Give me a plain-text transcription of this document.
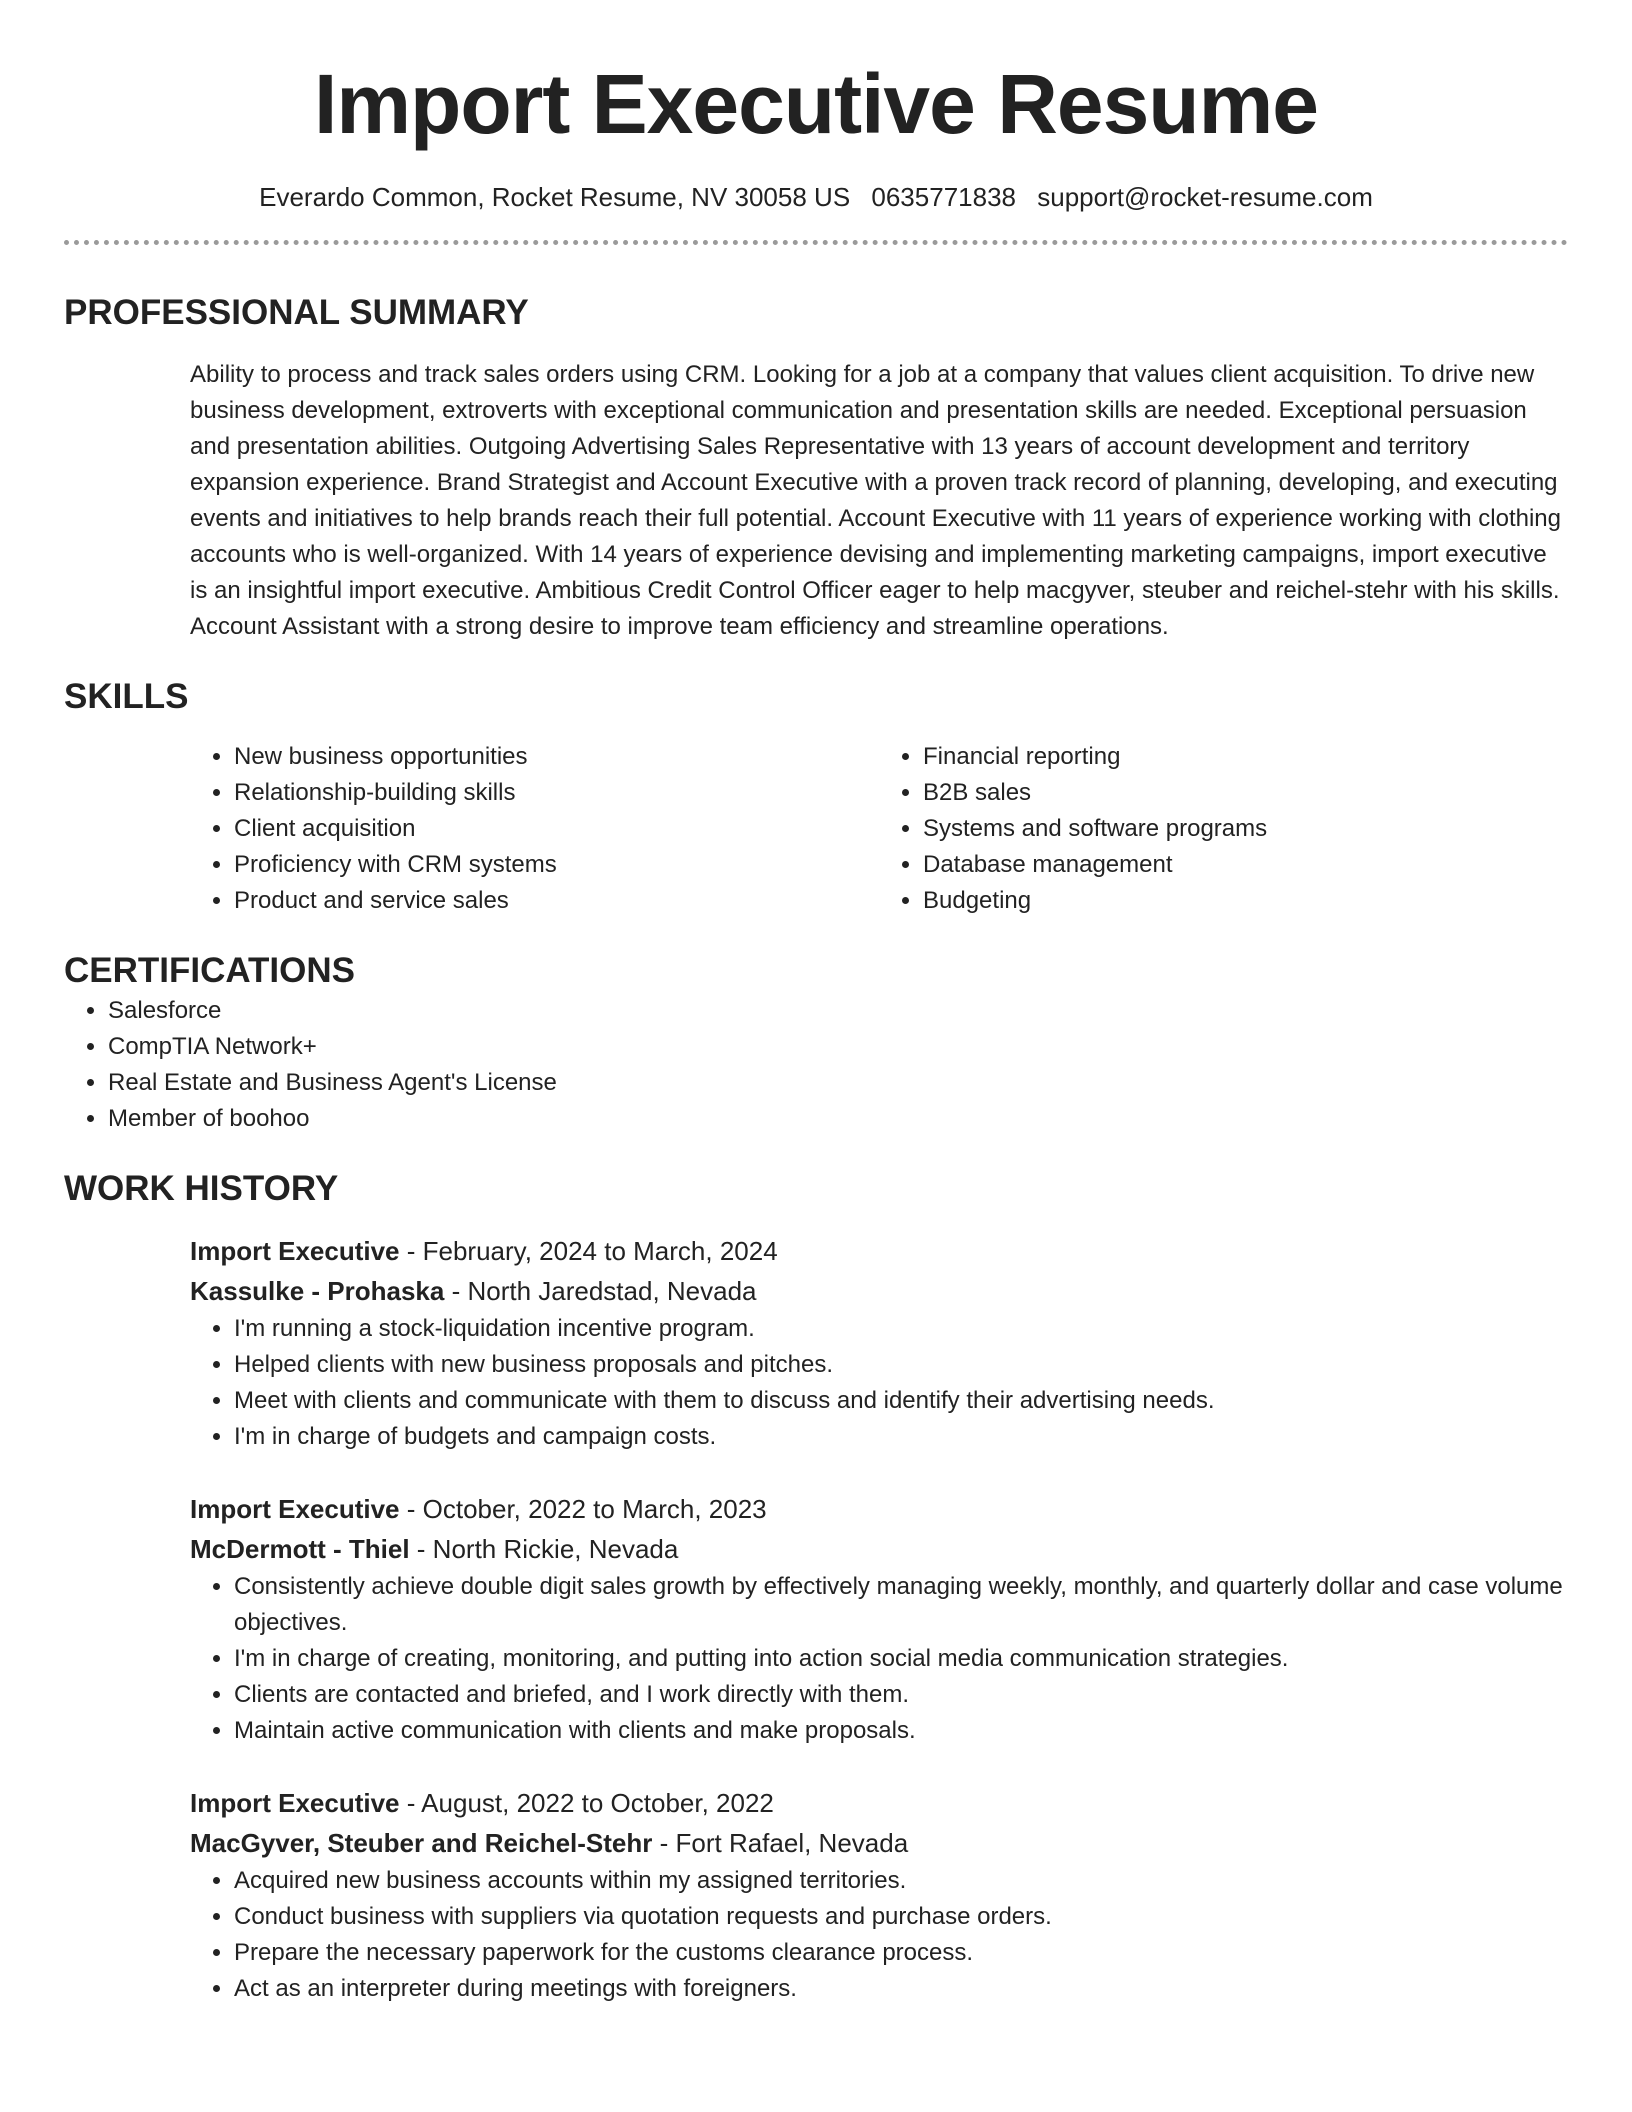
Import Executive Resume
Everardo Common, Rocket Resume, NV 30058 US 0635771838 support@rocket-resume.com
PROFESSIONAL SUMMARY

Ability to process and track sales orders using CRM. Looking for a job at a company that values client acquisition. To drive new business development, extroverts with exceptional communication and presentation skills are needed. Exceptional persuasion and presentation abilities. Outgoing Advertising Sales Representative with 13 years of account development and territory expansion experience. Brand Strategist and Account Executive with a proven track record of planning, developing, and executing events and initiatives to help brands reach their full potential. Account Executive with 11 years of experience working with clothing accounts who is well-organized. With 14 years of experience devising and implementing marketing campaigns, import executive is an insightful import executive. Ambitious Credit Control Officer eager to help macgyver, steuber and reichel-stehr with his skills. Account Assistant with a strong desire to improve team efficiency and streamline operations.

SKILLS
• New business opportunities
• Relationship-building skills
• Client acquisition
• Proficiency with CRM systems
• Product and service sales
• Financial reporting
• B2B sales
• Systems and software programs
• Database management
• Budgeting
CERTIFICATIONS
• Salesforce
• CompTIA Network+
• Real Estate and Business Agent's License
• Member of boohoo
WORK HISTORY
Import Executive - February, 2024 to March, 2024
Kassulke - Prohaska - North Jaredstad, Nevada
• I'm running a stock-liquidation incentive program.
• Helped clients with new business proposals and pitches.
• Meet with clients and communicate with them to discuss and identify their advertising needs.
• I'm in charge of budgets and campaign costs.
Import Executive - October, 2022 to March, 2023
McDermott - Thiel - North Rickie, Nevada
• Consistently achieve double digit sales growth by effectively managing weekly, monthly, and quarterly dollar and case volume objectives.
• I'm in charge of creating, monitoring, and putting into action social media communication strategies.
• Clients are contacted and briefed, and I work directly with them.
• Maintain active communication with clients and make proposals.
Import Executive - August, 2022 to October, 2022
MacGyver, Steuber and Reichel-Stehr - Fort Rafael, Nevada
• Acquired new business accounts within my assigned territories.
• Conduct business with suppliers via quotation requests and purchase orders.
• Prepare the necessary paperwork for the customs clearance process.
• Act as an interpreter during meetings with foreigners.
